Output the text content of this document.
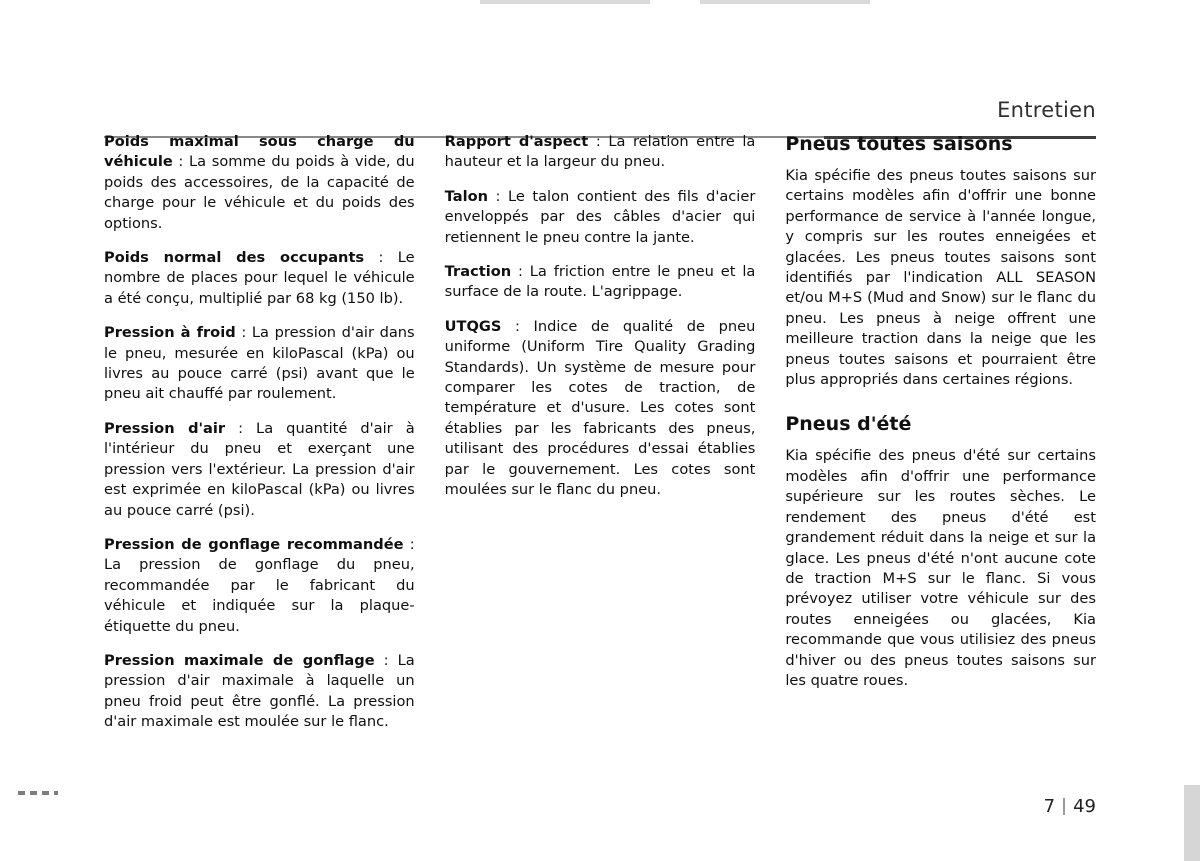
Entretien

Poids maximal sous charge du véhicule : La somme du poids à vide, du poids des accessoires, de la capacité de charge pour le véhicule et du poids des options.

Poids normal des occupants : Le nombre de places pour lequel le véhicule a été conçu, multiplié par 68 kg (150 lb).

Pression à froid : La pression d'air dans le pneu, mesurée en kiloPascal (kPa) ou livres au pouce carré (psi) avant que le pneu ait chauffé par roulement.

Pression d'air : La quantité d'air à l'intérieur du pneu et exerçant une pression vers l'extérieur. La pression d'air est exprimée en kiloPascal (kPa) ou livres au pouce carré (psi).

Pression de gonflage recommandée : La pression de gonflage du pneu, recommandée par le fabricant du véhicule et indiquée sur la plaque-étiquette du pneu.

Pression maximale de gonflage : La pression d'air maximale à laquelle un pneu froid peut être gonflé. La pression d'air maximale est moulée sur le flanc.

Rapport d'aspect : La relation entre la hauteur et la largeur du pneu.

Talon : Le talon contient des fils d'acier enveloppés par des câbles d'acier qui retiennent le pneu contre la jante.

Traction : La friction entre le pneu et la surface de la route. L'agrippage.

UTQGS : Indice de qualité de pneu uniforme (Uniform Tire Quality Grading Standards). Un système de mesure pour comparer les cotes de traction, de température et d'usure. Les cotes sont établies par les fabricants des pneus, utilisant des procédures d'essai établies par le gouvernement. Les cotes sont moulées sur le flanc du pneu.

Pneus toutes saisons

Kia spécifie des pneus toutes saisons sur certains modèles afin d'offrir une bonne performance de service à l'année longue, y compris sur les routes enneigées et glacées. Les pneus toutes saisons sont identifiés par l'indication ALL SEASON et/ou M+S (Mud and Snow) sur le flanc du pneu. Les pneus à neige offrent une meilleure traction dans la neige que les pneus toutes saisons et pourraient être plus appropriés dans certaines régions.

Pneus d'été

Kia spécifie des pneus d'été sur certains modèles afin d'offrir une performance supérieure sur les routes sèches. Le rendement des pneus d'été est grandement réduit dans la neige et sur la glace. Les pneus d'été n'ont aucune cote de traction M+S sur le flanc. Si vous prévoyez utiliser votre véhicule sur des routes enneigées ou glacées, Kia recommande que vous utilisiez des pneus d'hiver ou des pneus toutes saisons sur les quatre roues.

7 49
